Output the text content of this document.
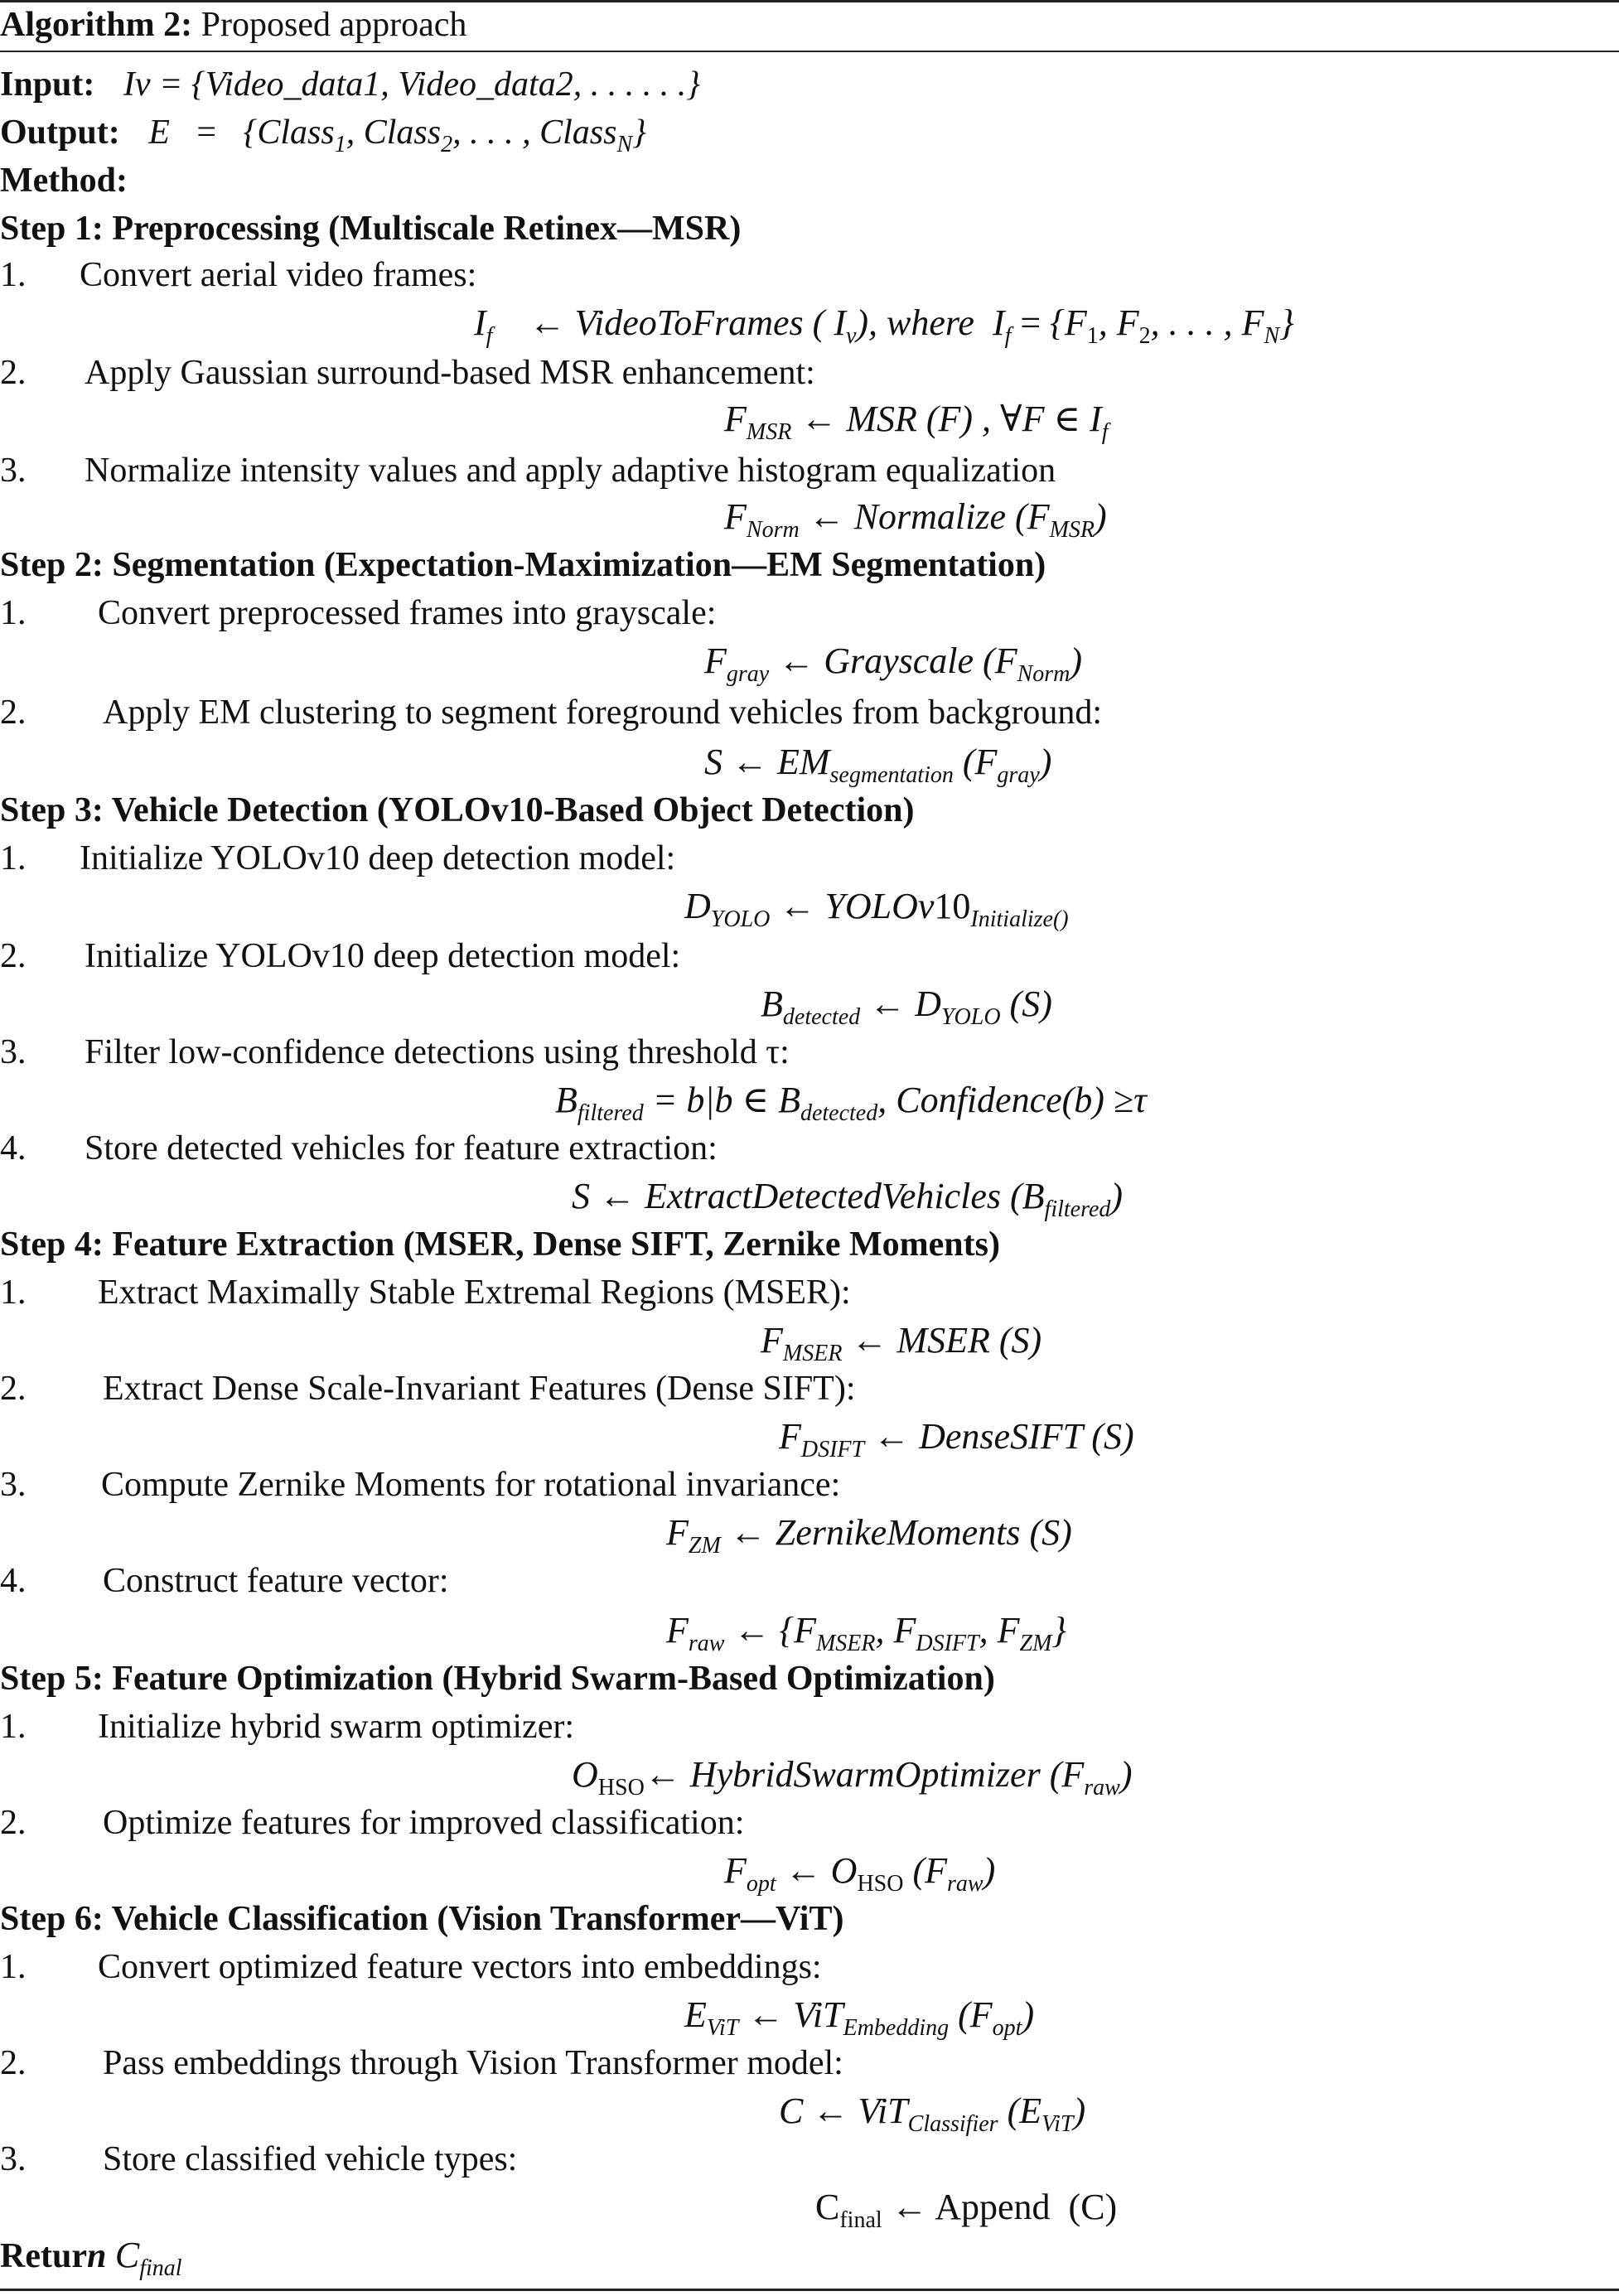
Algorithm 2: Proposed approach
Input: Iv = {Video_data1, Video_data2, . . . . . .}
Output: E = {Class$_1$, Class$_2$, . . . , Class$_N$}
Method:
Step 1: Preprocessing (Multiscale Retinex—MSR)
1. Convert aerial video frames:
$I_f$    ← VideoToFrames ( $I_v$), where  $I_f = \{F_1$, $F_2$, . . . , $F_N$}
2. Apply Gaussian surround-based MSR enhancement:
$F_{MSR}$ ← MSR (F) , ∀F ∈ $I_f$
3. Normalize intensity values and apply adaptive histogram equalization
$F_{Norm}$ ← Normalize $(F_{MSR})$
Step 2: Segmentation (Expectation-Maximization—EM Segmentation)
1. Convert preprocessed frames into grayscale:
$F_{gray}$ ← Grayscale $(F_{Norm})$
2. Apply EM clustering to segment foreground vehicles from background:
S ← $EM_{segmentation}$ $(F_{gray})$
Step 3: Vehicle Detection (YOLOv10-Based Object Detection)
1. Initialize YOLOv10 deep detection model:
$D_{YOLO}$ ← $YOLOv10_{Initialize()}$
2. Initialize YOLOv10 deep detection model:
$B_{detected}$ ← $D_{YOLO}$ (S)
3. Filter low-confidence detections using threshold τ:
$B_{filtered} = b|b$ ∈ $B_{detected}$, Confidence(b) ≥τ
4. Store detected vehicles for feature extraction:
S ← ExtractDetectedVehicles $(B_{filtered})$
Step 4: Feature Extraction (MSER, Dense SIFT, Zernike Moments)
1. Extract Maximally Stable Extremal Regions (MSER):
$F_{MSER}$ ← MSER (S)
2. Extract Dense Scale-Invariant Features (Dense SIFT):
$F_{DSIFT}$ ← DenseSIFT (S)
3. Compute Zernike Moments for rotational invariance:
$F_{ZM}$ ← ZernikeMoments (S)
4. Construct feature vector:
$F_{raw}$ ← {$F_{MSER}$, $F_{DSIFT}$, $F_{ZM}$}
Step 5: Feature Optimization (Hybrid Swarm-Based Optimization)
1. Initialize hybrid swarm optimizer:
$O_{HSO}\leftarrow$ HybridSwarmOptimizer $(F_{raw})$
2. Optimize features for improved classification:
$F_{opt}$ ← $O_{HSO}$ $(F_{raw})$
Step 6: Vehicle Classification (Vision Transformer—ViT)
1. Convert optimized feature vectors into embeddings:
$E_{ViT}$ ← ViT$_{Embedding}$ $(F_{opt})$
2. Pass embeddings through Vision Transformer model:
C ← ViT$_{Classifier}$ $(E_{ViT})$
3. Store classified vehicle types:
$C_{final}$ ← Append  (C)
Return $C_{final}$
